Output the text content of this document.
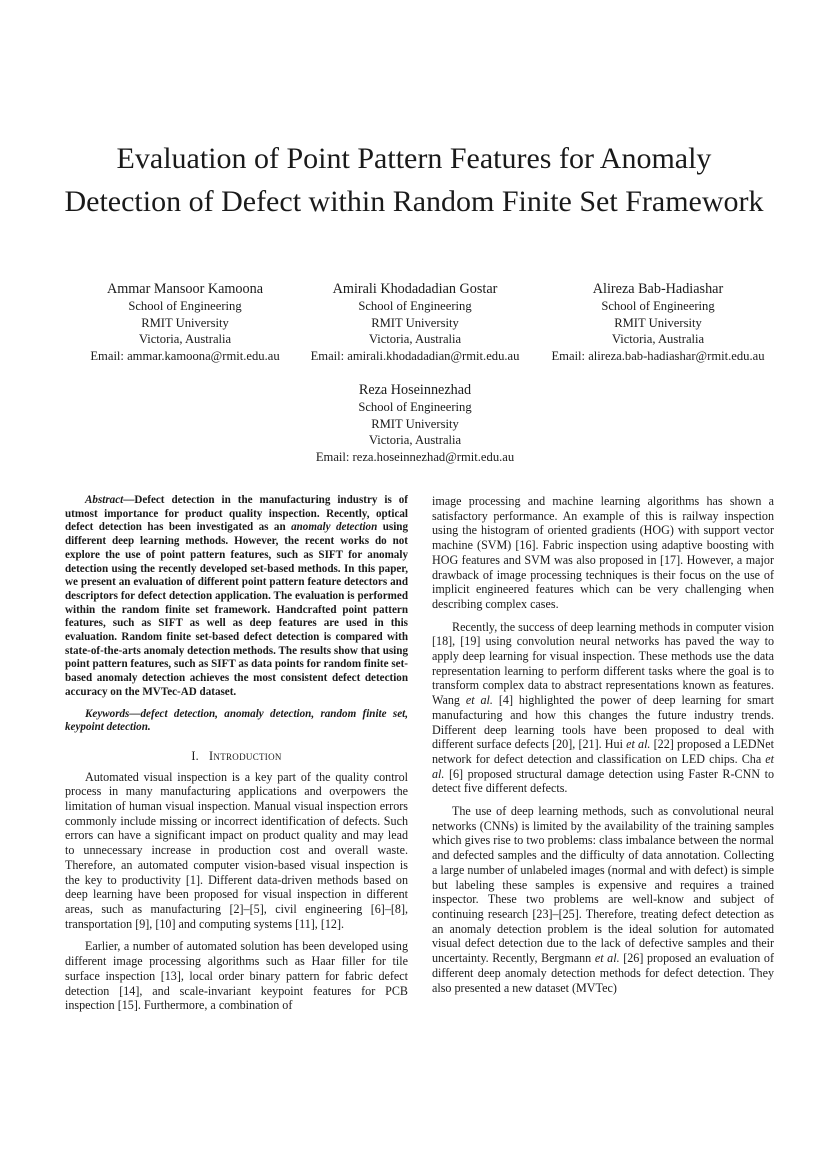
Evaluation of Point Pattern Features for Anomaly Detection of Defect within Random Finite Set Framework
Ammar Mansoor Kamoona
School of Engineering
RMIT University
Victoria, Australia
Email: ammar.kamoona@rmit.edu.au
Amirali Khodadadian Gostar
School of Engineering
RMIT University
Victoria, Australia
Email: amirali.khodadadian@rmit.edu.au
Alireza Bab-Hadiashar
School of Engineering
RMIT University
Victoria, Australia
Email: alireza.bab-hadiashar@rmit.edu.au
Reza Hoseinnezhad
School of Engineering
RMIT University
Victoria, Australia
Email: reza.hoseinnezhad@rmit.edu.au

Abstract—Defect detection in the manufacturing industry is of utmost importance for product quality inspection. Recently, optical defect detection has been investigated as an anomaly detection using different deep learning methods. However, the recent works do not explore the use of point pattern features, such as SIFT for anomaly detection using the recently developed set-based methods. In this paper, we present an evaluation of different point pattern feature detectors and descriptors for defect detection application. The evaluation is performed within the random finite set framework. Handcrafted point pattern features, such as SIFT as well as deep features are used in this evaluation. Random finite set-based defect detection is compared with state-of-the-arts anomaly detection methods. The results show that using point pattern features, such as SIFT as data points for random finite set-based anomaly detection achieves the most consistent defect detection accuracy on the MVTec-AD dataset.

Keywords—defect detection, anomaly detection, random finite set, keypoint detection.

I. Introduction

Automated visual inspection is a key part of the quality control process in many manufacturing applications and overpowers the limitation of human visual inspection. Manual visual inspection errors commonly include missing or incorrect identification of defects. Such errors can have a significant impact on product quality and may lead to unnecessary increase in production cost and overall waste. Therefore, an automated computer vision-based visual inspection is the key to productivity [1]. Different data-driven methods based on deep learning have been proposed for visual inspection in different areas, such as manufacturing [2]–[5], civil engineering [6]–[8], transportation [9], [10] and computing systems [11], [12].

Earlier, a number of automated solution has been developed using different image processing algorithms such as Haar filler for tile surface inspection [13], local order binary pattern for fabric defect detection [14], and scale-invariant keypoint features for PCB inspection [15]. Furthermore, a combination of

image processing and machine learning algorithms has shown a satisfactory performance. An example of this is railway inspection using the histogram of oriented gradients (HOG) with support vector machine (SVM) [16]. Fabric inspection using adaptive boosting with HOG features and SVM was also proposed in [17]. However, a major drawback of image processing techniques is their focus on the use of implicit engineered features which can be very challenging when describing complex cases.

Recently, the success of deep learning methods in computer vision [18], [19] using convolution neural networks has paved the way to apply deep learning for visual inspection. These methods use the data representation learning to perform different tasks where the goal is to transform complex data to abstract representations known as features. Wang et al. [4] highlighted the power of deep learning for smart manufacturing and how this changes the future industry trends. Different deep learning tools have been proposed to deal with different surface defects [20], [21]. Hui et al. [22] proposed a LEDNet network for defect detection and classification on LED chips. Cha et al. [6] proposed structural damage detection using Faster R-CNN to detect five different defects.

The use of deep learning methods, such as convolutional neural networks (CNNs) is limited by the availability of the training samples which gives rise to two problems: class imbalance between the normal and defected samples and the difficulty of data annotation. Collecting a large number of unlabeled images (normal and with defect) is simple but labeling these samples is expensive and requires a trained inspector. These two problems are well-know and subject of continuing research [23]–[25]. Therefore, treating defect detection as an anomaly detection problem is the ideal solution for automated visual defect detection due to the lack of defective samples and their uncertainty. Recently, Bergmann et al. [26] proposed an evaluation of different deep anomaly detection methods for defect detection. They also presented a new dataset (MVTec)
